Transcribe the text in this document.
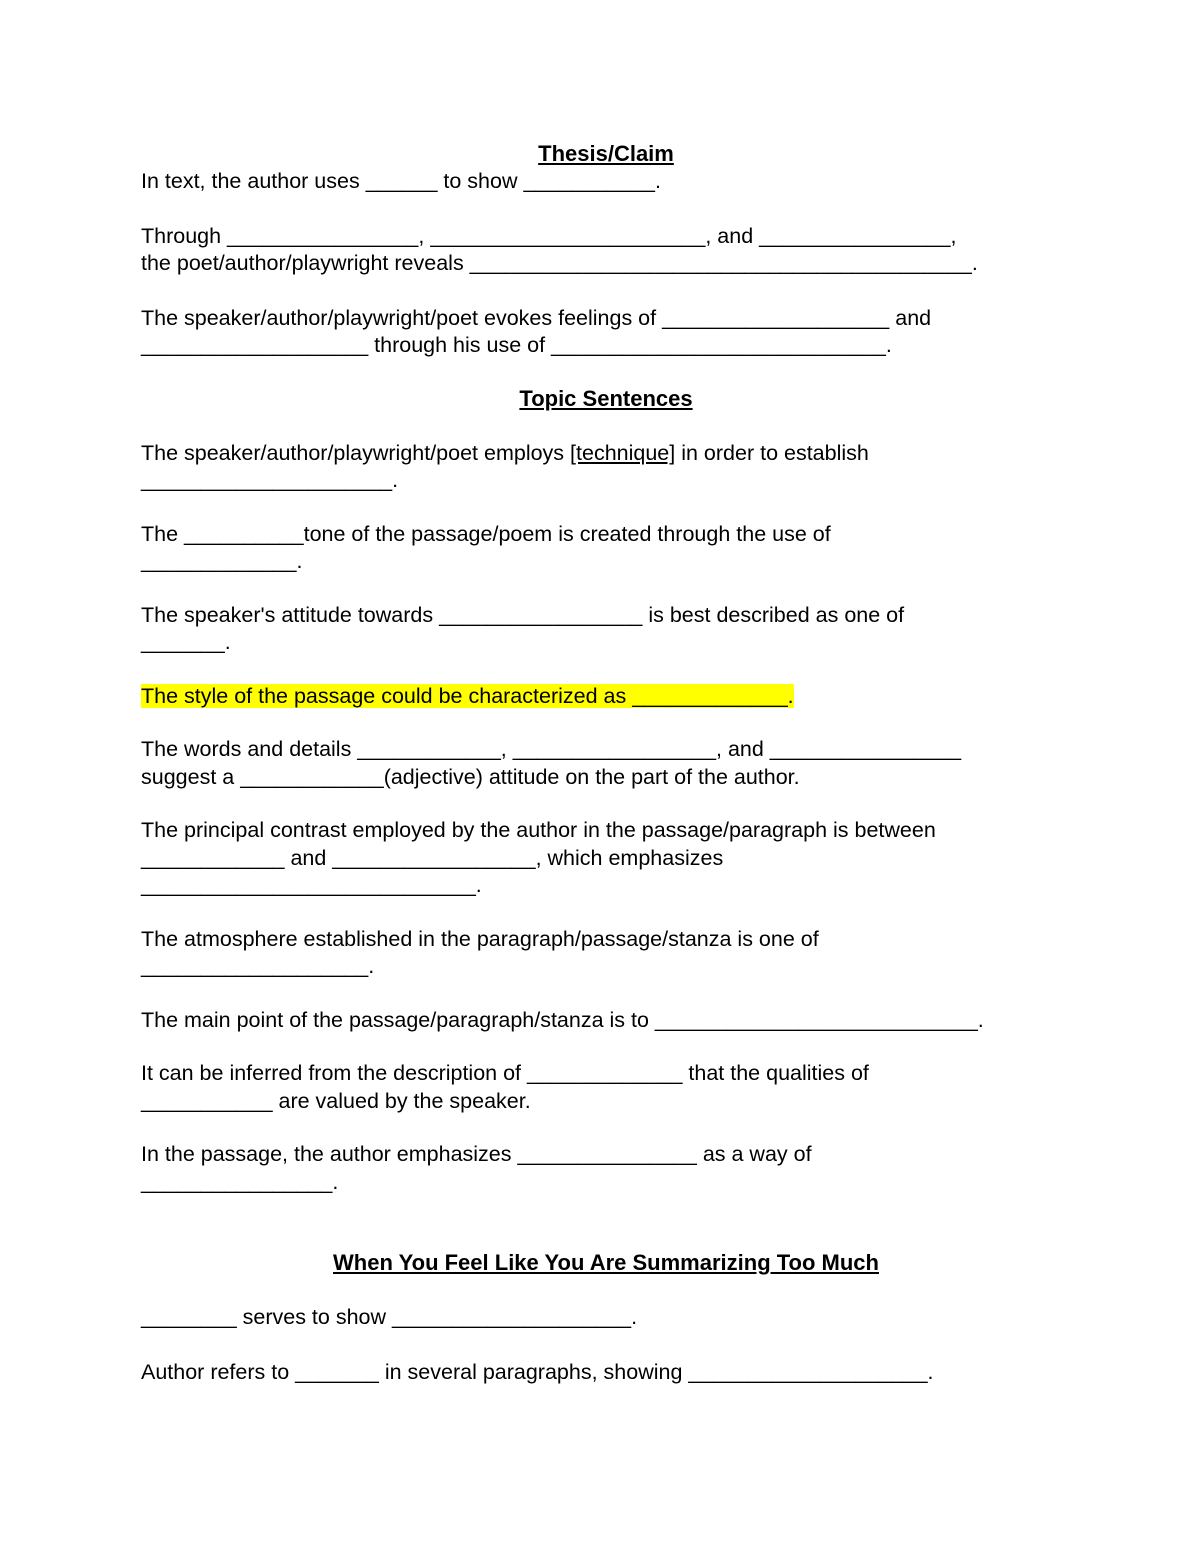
Thesis/Claim

In text, the author uses ______ to show ___________.

Through ________________, _______________________, and ________________,

the poet/author/playwright reveals __________________________________________.

The speaker/author/playwright/poet evokes feelings of ___________________ and

___________________ through his use of ____________________________.

Topic Sentences

The speaker/author/playwright/poet employs [technique] in order to establish

_____________________.

The __________tone of the passage/poem is created through the use of

_____________.

The speaker's attitude towards _________________ is best described as one of

_______.

The style of the passage could be characterized as _____________.

The words and details ____________, _________________, and ________________

suggest a ____________(adjective) attitude on the part of the author.

The principal contrast employed by the author in the passage/paragraph is between

____________ and _________________, which emphasizes

____________________________.

The atmosphere established in the paragraph/passage/stanza is one of

___________________.

The main point of the passage/paragraph/stanza is to ___________________________.

It can be inferred from the description of _____________ that the qualities of

___________ are valued by the speaker.

In the passage, the author emphasizes _______________ as a way of

________________.

When You Feel Like You Are Summarizing Too Much

________ serves to show ____________________.

Author refers to _______ in several paragraphs, showing ____________________.
